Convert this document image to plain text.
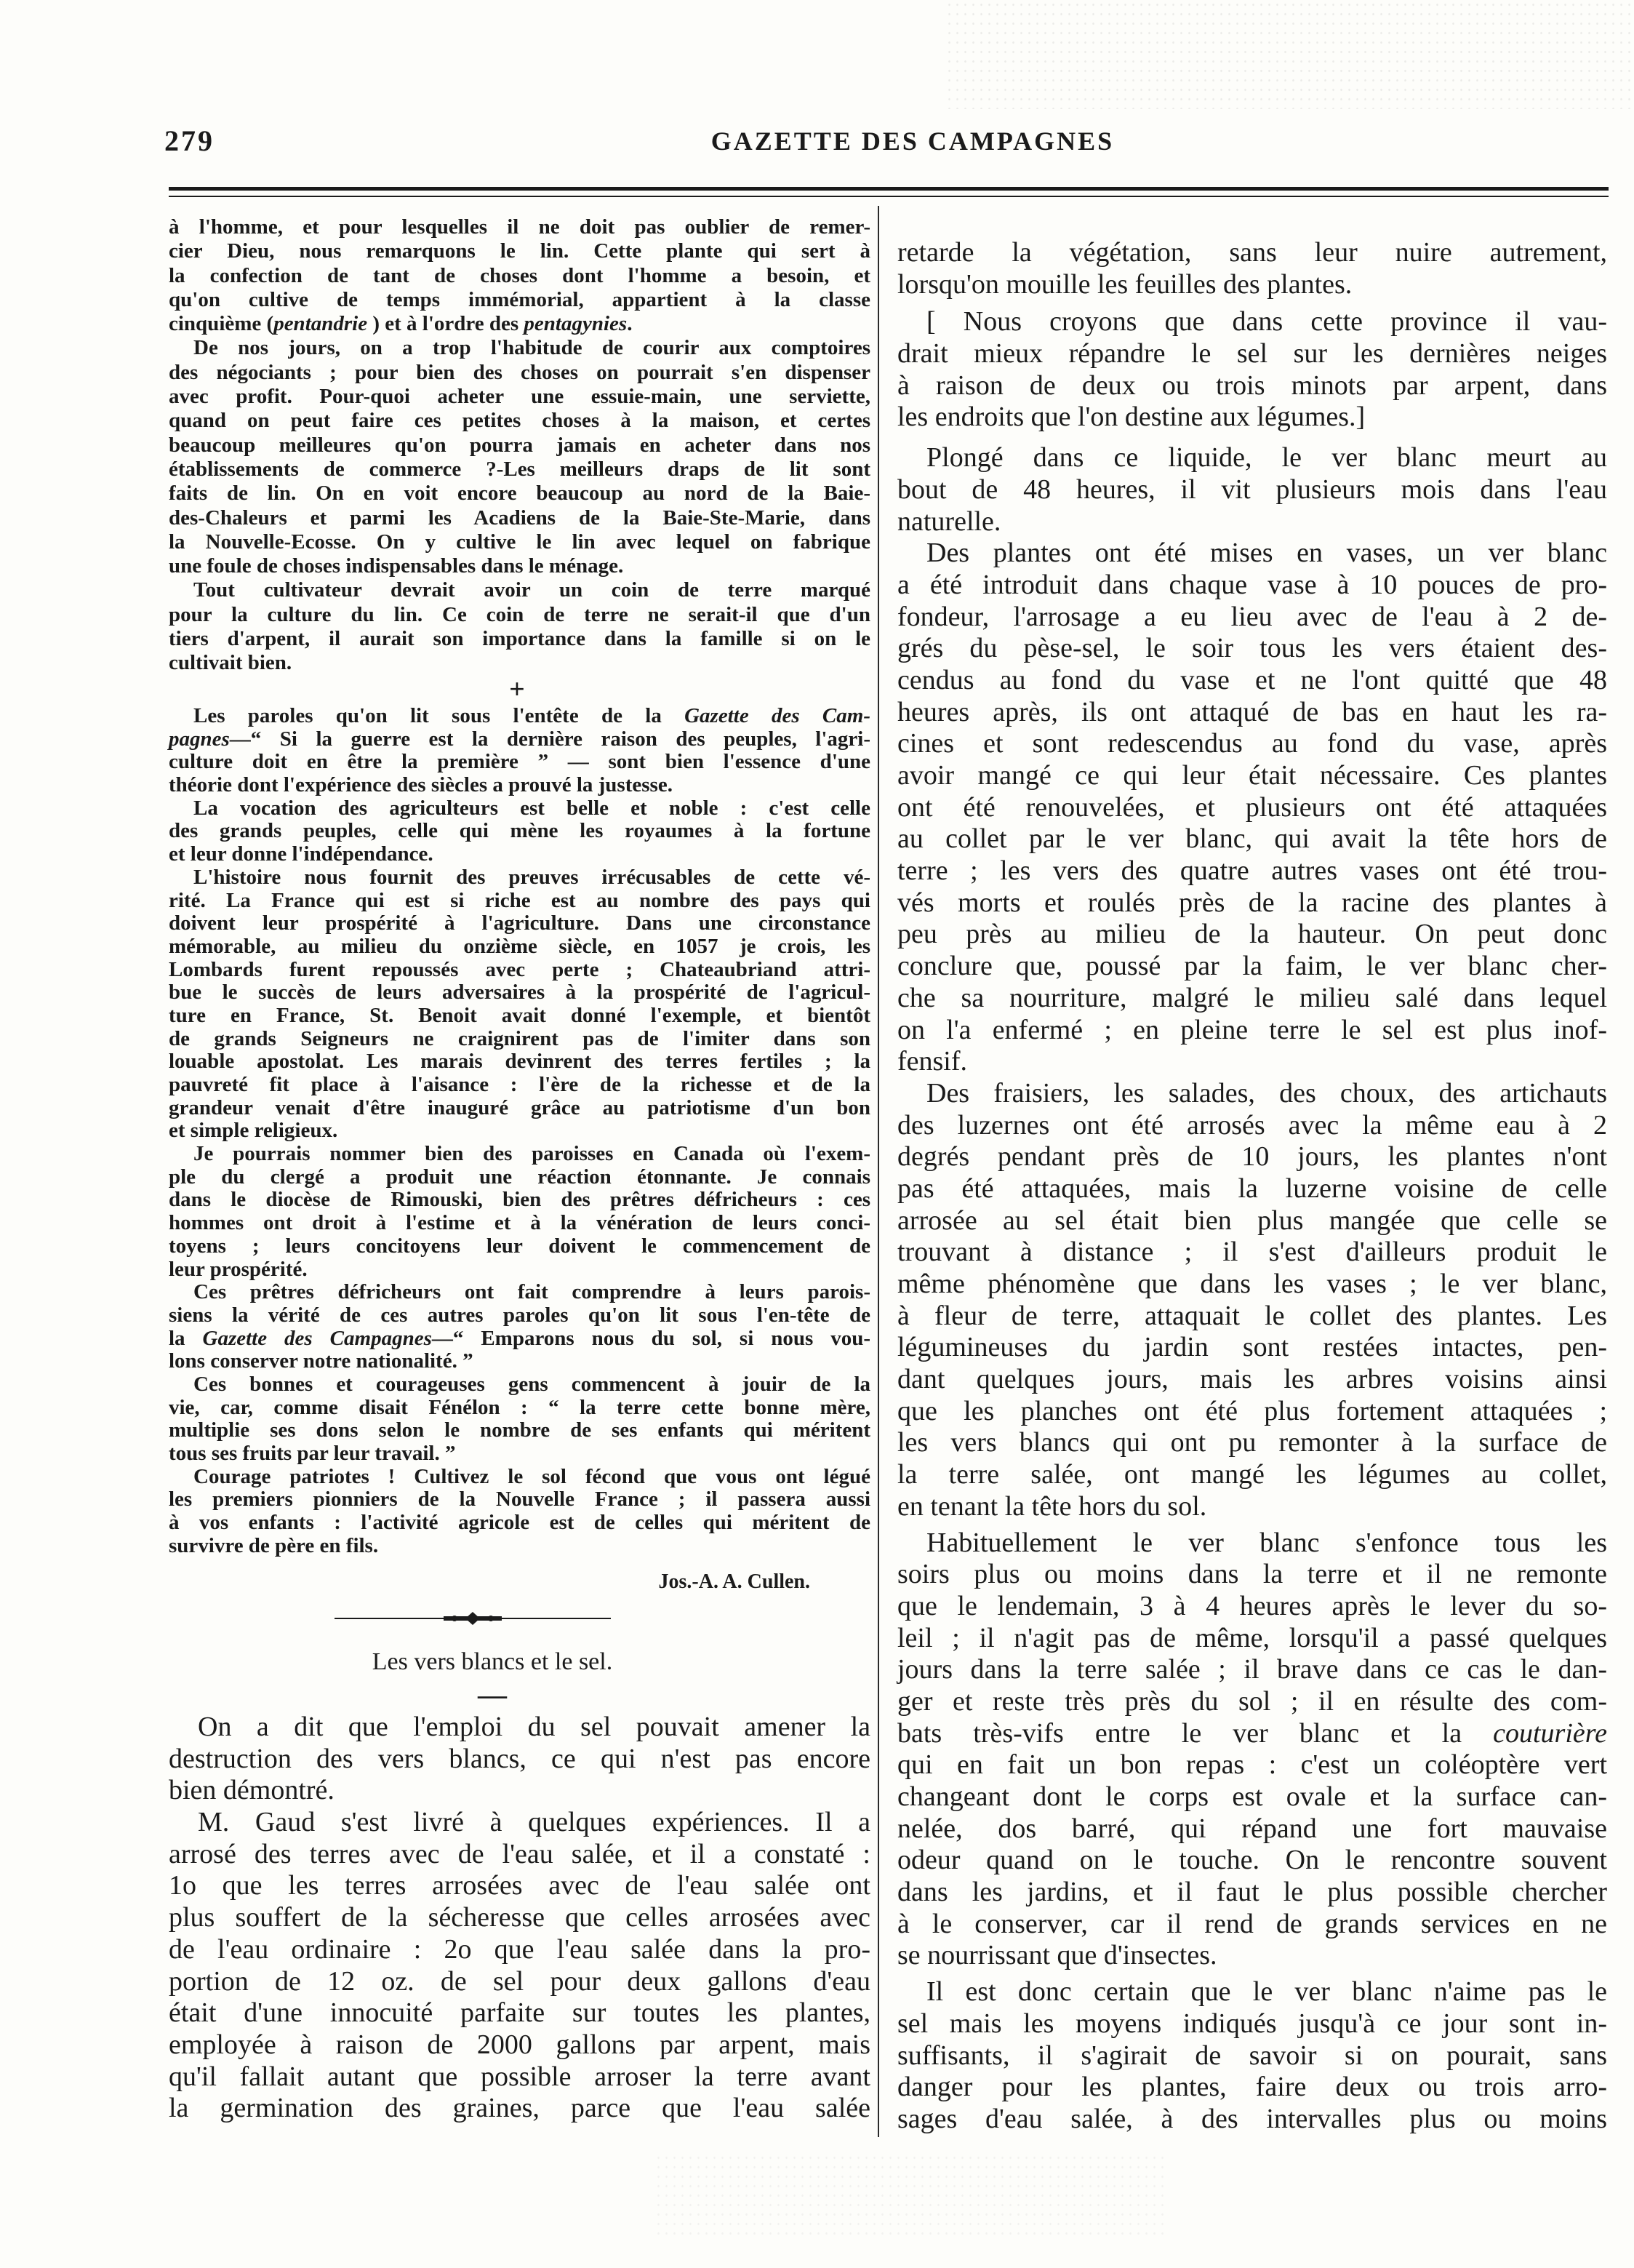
279	GAZETTE DES CAMPAGNES
à l'homme, et pour lesquelles il ne doit pas oublier de remer-
cier Dieu, nous remarquons le lin. Cette plante qui sert à
la confection de tant de choses dont l'homme a besoin, et
qu'on cultive de temps immémorial, appartient à la classe
cinquième (pentandrie ) et à l'ordre des pentagynies.
De nos jours, on a trop l'habitude de courir aux comptoires
des négociants ; pour bien des choses on pourrait s'en dispenser
avec profit. Pour-quoi acheter une essuie-main, une serviette,
quand on peut faire ces petites choses à la maison, et certes
beaucoup meilleures qu'on pourra jamais en acheter dans nos
établissements de commerce ?-Les meilleurs draps de lit sont
faits de lin. On en voit encore beaucoup au nord de la Baie-
des-Chaleurs et parmi les Acadiens de la Baie-Ste-Marie, dans
la Nouvelle-Ecosse. On y cultive le lin avec lequel on fabrique
une foule de choses indispensables dans le ménage.
Tout cultivateur devrait avoir un coin de terre marqué
pour la culture du lin. Ce coin de terre ne serait-il que d'un
tiers d'arpent, il aurait son importance dans la famille si on le
cultivait bien.
+
Les paroles qu'on lit sous l'entête de la Gazette des Cam-
pagnes—“ Si la guerre est la dernière raison des peuples, l'agri-
culture doit en être la première ” — sont bien l'essence d'une
théorie dont l'expérience des siècles a prouvé la justesse.
La vocation des agriculteurs est belle et noble : c'est celle
des grands peuples, celle qui mène les royaumes à la fortune
et leur donne l'indépendance.
L'histoire nous fournit des preuves irrécusables de cette vé-
rité. La France qui est si riche est au nombre des pays qui
doivent leur prospérité à l'agriculture. Dans une circonstance
mémorable, au milieu du onzième siècle, en 1057 je crois, les
Lombards furent repoussés avec perte ; Chateaubriand attri-
bue le succès de leurs adversaires à la prospérité de l'agricul-
ture en France, St. Benoit avait donné l'exemple, et bientôt
de grands Seigneurs ne craignirent pas de l'imiter dans son
louable apostolat. Les marais devinrent des terres fertiles ; la
pauvreté fit place à l'aisance : l'ère de la richesse et de la
grandeur venait d'être inauguré grâce au patriotisme d'un bon
et simple religieux.
Je pourrais nommer bien des paroisses en Canada où l'exem-
ple du clergé a produit une réaction étonnante. Je connais
dans le diocèse de Rimouski, bien des prêtres défricheurs : ces
hommes ont droit à l'estime et à la vénération de leurs conci-
toyens ; leurs concitoyens leur doivent le commencement de
leur prospérité.
Ces prêtres défricheurs ont fait comprendre à leurs parois-
siens la vérité de ces autres paroles qu'on lit sous l'en-tête de
la Gazette des Campagnes—“ Emparons nous du sol, si nous vou-
lons conserver notre nationalité. ”
Ces bonnes et courageuses gens commencent à jouir de la
vie, car, comme disait Fénélon : “ la terre cette bonne mère,
multiplie ses dons selon le nombre de ses enfants qui méritent
tous ses fruits par leur travail. ”
Courage patriotes ! Cultivez le sol fécond que vous ont légué
les premiers pionniers de la Nouvelle France ; il passera aussi
à vos enfants : l'activité agricole est de celles qui méritent de
survivre de père en fils.
Jos.-A. A. Cullen.
Les vers blancs et le sel.
—
On a dit que l'emploi du sel pouvait amener la
destruction des vers blancs, ce qui n'est pas encore
bien démontré.
M. Gaud s'est livré à quelques expériences. Il a
arrosé des terres avec de l'eau salée, et il a constaté :
1o que les terres arrosées avec de l'eau salée ont
plus souffert de la sécheresse que celles arrosées avec
de l'eau ordinaire : 2o que l'eau salée dans la pro-
portion de 12 oz. de sel pour deux gallons d'eau
était d'une innocuité parfaite sur toutes les plantes,
employée à raison de 2000 gallons par arpent, mais
qu'il fallait autant que possible arroser la terre avant
la germination des graines, parce que l'eau salée
retarde la végétation, sans leur nuire autrement,
lorsqu'on mouille les feuilles des plantes.
[ Nous croyons que dans cette province il vau-
drait mieux répandre le sel sur les dernières neiges
à raison de deux ou trois minots par arpent, dans
les endroits que l'on destine aux légumes.]
Plongé dans ce liquide, le ver blanc meurt au
bout de 48 heures, il vit plusieurs mois dans l'eau
naturelle.
Des plantes ont été mises en vases, un ver blanc
a été introduit dans chaque vase à 10 pouces de pro-
fondeur, l'arrosage a eu lieu avec de l'eau à 2 de-
grés du pèse-sel, le soir tous les vers étaient des-
cendus au fond du vase et ne l'ont quitté que 48
heures après, ils ont attaqué de bas en haut les ra-
cines et sont redescendus au fond du vase, après
avoir mangé ce qui leur était nécessaire. Ces plantes
ont été renouvelées, et plusieurs ont été attaquées
au collet par le ver blanc, qui avait la tête hors de
terre ; les vers des quatre autres vases ont été trou-
vés morts et roulés près de la racine des plantes à
peu près au milieu de la hauteur. On peut donc
conclure que, poussé par la faim, le ver blanc cher-
che sa nourriture, malgré le milieu salé dans lequel
on l'a enfermé ; en pleine terre le sel est plus inof-
fensif.
Des fraisiers, les salades, des choux, des artichauts
des luzernes ont été arrosés avec la même eau à 2
degrés pendant près de 10 jours, les plantes n'ont
pas été attaquées, mais la luzerne voisine de celle
arrosée au sel était bien plus mangée que celle se
trouvant à distance ; il s'est d'ailleurs produit le
même phénomène que dans les vases ; le ver blanc,
à fleur de terre, attaquait le collet des plantes. Les
légumineuses du jardin sont restées intactes, pen-
dant quelques jours, mais les arbres voisins ainsi
que les planches ont été plus fortement attaquées ;
les vers blancs qui ont pu remonter à la surface de
la terre salée, ont mangé les légumes au collet,
en tenant la tête hors du sol.
Habituellement le ver blanc s'enfonce tous les
soirs plus ou moins dans la terre et il ne remonte
que le lendemain, 3 à 4 heures après le lever du so-
leil ; il n'agit pas de même, lorsqu'il a passé quelques
jours dans la terre salée ; il brave dans ce cas le dan-
ger et reste très près du sol ; il en résulte des com-
bats très-vifs entre le ver blanc et la couturière
qui en fait un bon repas : c'est un coléoptère vert
changeant dont le corps est ovale et la surface can-
nelée, dos barré, qui répand une fort mauvaise
odeur quand on le touche. On le rencontre souvent
dans les jardins, et il faut le plus possible chercher
à le conserver, car il rend de grands services en ne
se nourrissant que d'insectes.
Il est donc certain que le ver blanc n'aime pas le
sel mais les moyens indiqués jusqu'à ce jour sont in-
suffisants, il s'agirait de savoir si on pourait, sans
danger pour les plantes, faire deux ou trois arro-
sages d'eau salée, à des intervalles plus ou moins
